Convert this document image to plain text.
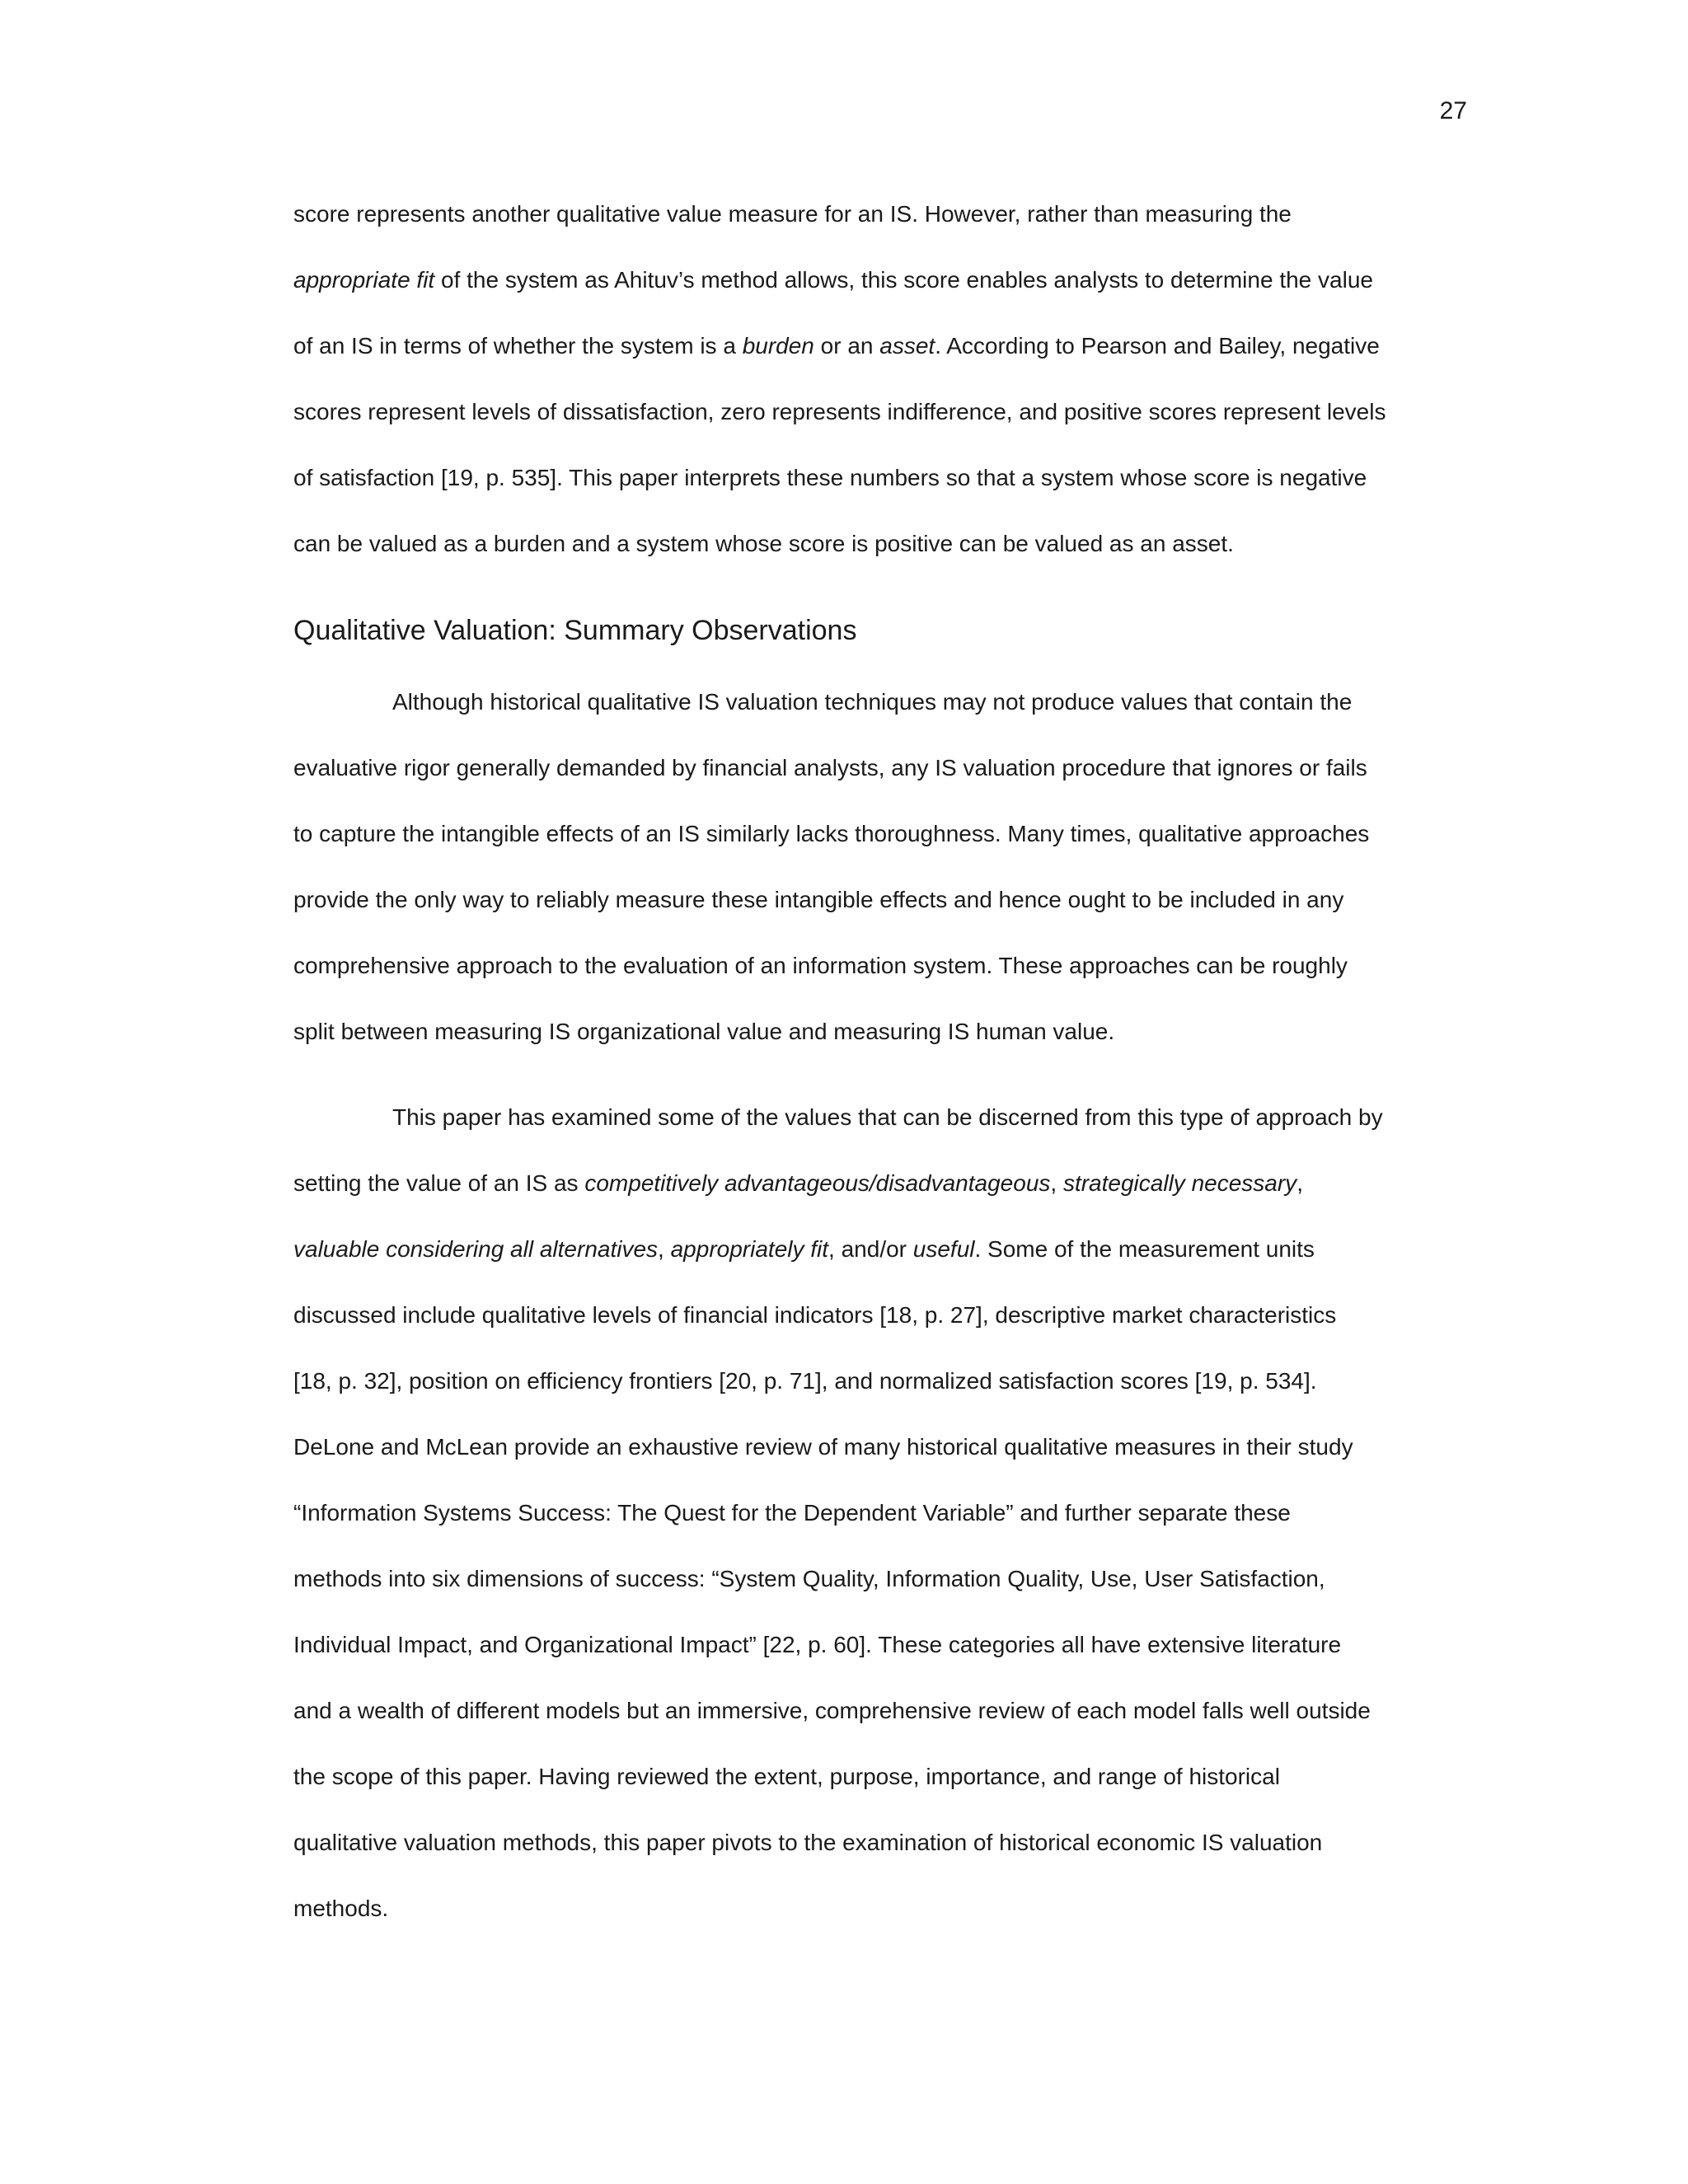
27
score represents another qualitative value measure for an IS. However, rather than measuring the
appropriate fit of the system as Ahituv’s method allows, this score enables analysts to determine the value
of an IS in terms of whether the system is a burden or an asset. According to Pearson and Bailey, negative
scores represent levels of dissatisfaction, zero represents indifference, and positive scores represent levels
of satisfaction [19, p. 535]. This paper interprets these numbers so that a system whose score is negative
can be valued as a burden and a system whose score is positive can be valued as an asset.
Qualitative Valuation: Summary Observations
Although historical qualitative IS valuation techniques may not produce values that contain the
evaluative rigor generally demanded by financial analysts, any IS valuation procedure that ignores or fails
to capture the intangible effects of an IS similarly lacks thoroughness. Many times, qualitative approaches
provide the only way to reliably measure these intangible effects and hence ought to be included in any
comprehensive approach to the evaluation of an information system. These approaches can be roughly
split between measuring IS organizational value and measuring IS human value.
This paper has examined some of the values that can be discerned from this type of approach by
setting the value of an IS as competitively advantageous/disadvantageous, strategically necessary,
valuable considering all alternatives, appropriately fit, and/or useful. Some of the measurement units
discussed include qualitative levels of financial indicators [18, p. 27], descriptive market characteristics
[18, p. 32], position on efficiency frontiers [20, p. 71], and normalized satisfaction scores [19, p. 534].
DeLone and McLean provide an exhaustive review of many historical qualitative measures in their study
“Information Systems Success: The Quest for the Dependent Variable” and further separate these
methods into six dimensions of success: “System Quality, Information Quality, Use, User Satisfaction,
Individual Impact, and Organizational Impact” [22, p. 60]. These categories all have extensive literature
and a wealth of different models but an immersive, comprehensive review of each model falls well outside
the scope of this paper. Having reviewed the extent, purpose, importance, and range of historical
qualitative valuation methods, this paper pivots to the examination of historical economic IS valuation
methods.
